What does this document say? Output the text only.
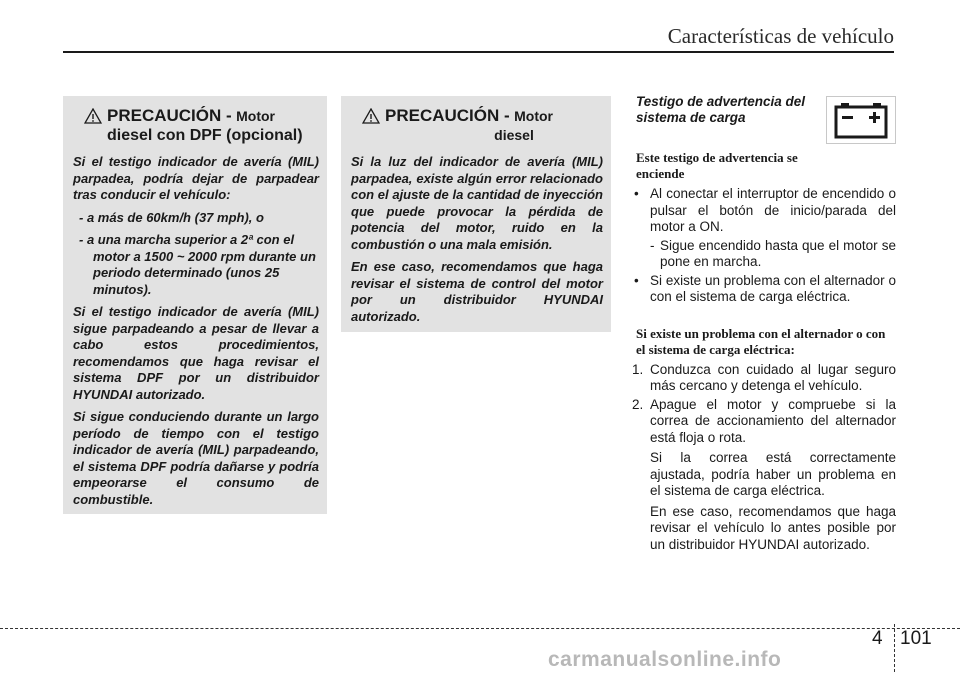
Características de vehículo
PRECAUCIÓN - Motor
diesel con DPF (opcional)

Si el testigo indicador de avería (MIL) parpadea, podría dejar de parpadear tras conducir el vehículo:

- a más de 60km/h (37 mph), o

- a una marcha superior a 2ª con el motor a 1500 ~ 2000 rpm durante un periodo determinado (unos 25 minutos).

Si el testigo indicador de avería (MIL) sigue parpadeando a pesar de llevar a cabo estos procedimientos, recomendamos que haga revisar el sistema DPF por un distribuidor HYUNDAI autorizado.

Si sigue conduciendo durante un largo período de tiempo con el testigo indicador de avería (MIL) parpadeando, el sistema DPF podría dañarse y podría empeorarse el consumo de combustible.

PRECAUCIÓN - Motor
diesel

Si la luz del indicador de avería (MIL) parpadea, existe algún error relacionado con el ajuste de la cantidad de inyección que puede provocar la pérdida de potencia del motor, ruido en la combustión o una mala emisión.

En ese caso, recomendamos que haga revisar el sistema de control del motor por un distribuidor HYUNDAI autorizado.

Testigo de advertencia del sistema de carga
Este testigo de advertencia se enciende

• Al conectar el interruptor de encendido o pulsar el botón de inicio/parada del motor a ON.

- Sigue encendido hasta que el motor se pone en marcha.

• Si existe un problema con el alternador o con el sistema de carga eléctrica.

Si existe un problema con el alternador o con el sistema de carga eléctrica:

1. Conduzca con cuidado al lugar seguro más cercano y detenga el vehículo.

2. Apague el motor y compruebe si la correa de accionamiento del alternador está floja o rota.

Si la correa está correctamente ajustada, podría haber un problema en el sistema de carga eléctrica.

En ese caso, recomendamos que haga revisar el vehículo lo antes posible por un distribuidor HYUNDAI autorizado.

4 101
carmanualsonline.info
